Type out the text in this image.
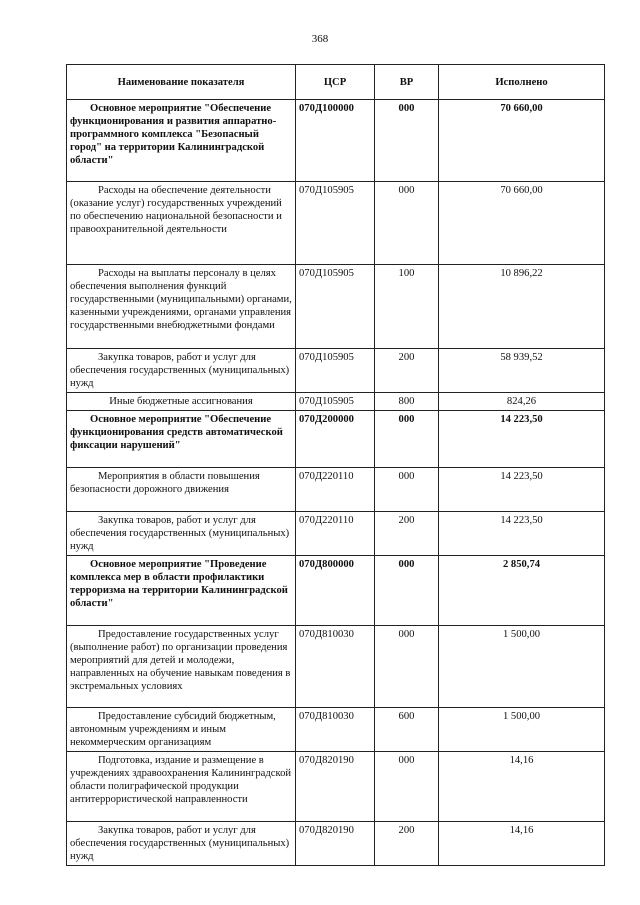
368
Наименование показателя	ЦСР	ВР	Исполнено
Основное мероприятие "Обеспечение функционирования и развития аппаратно-программного комплекса "Безопасный город" на территории Калининградской области"	070Д100000	000	70 660,00
Расходы на обеспечение деятельности (оказание услуг) государственных учреждений по обеспечению национальной безопасности и правоохранительной деятельности	070Д105905	000	70 660,00
Расходы на выплаты персоналу в целях обеспечения выполнения функций государственными (муниципальными) органами, казенными учреждениями, органами управления государственными внебюджетными фондами	070Д105905	100	10 896,22
Закупка товаров, работ и услуг для обеспечения государственных (муниципальных) нужд	070Д105905	200	58 939,52
Иные бюджетные ассигнования	070Д105905	800	824,26
Основное мероприятие "Обеспечение функционирования средств автоматической фиксации нарушений"	070Д200000	000	14 223,50
Мероприятия в области повышения безопасности дорожного движения	070Д220110	000	14 223,50
Закупка товаров, работ и услуг для обеспечения государственных (муниципальных) нужд	070Д220110	200	14 223,50
Основное мероприятие "Проведение комплекса мер в области профилактики терроризма на территории Калининградской области"	070Д800000	000	2 850,74
Предоставление государственных услуг (выполнение работ) по организации проведения мероприятий для детей и молодежи, направленных на обучение навыкам поведения в экстремальных условиях	070Д810030	000	1 500,00
Предоставление субсидий бюджетным, автономным учреждениям и иным некоммерческим организациям	070Д810030	600	1 500,00
Подготовка, издание и размещение в учреждениях здравоохранения Калининградской области полиграфической продукции антитеррористической направленности	070Д820190	000	14,16
Закупка товаров, работ и услуг для обеспечения государственных (муниципальных) нужд	070Д820190	200	14,16
